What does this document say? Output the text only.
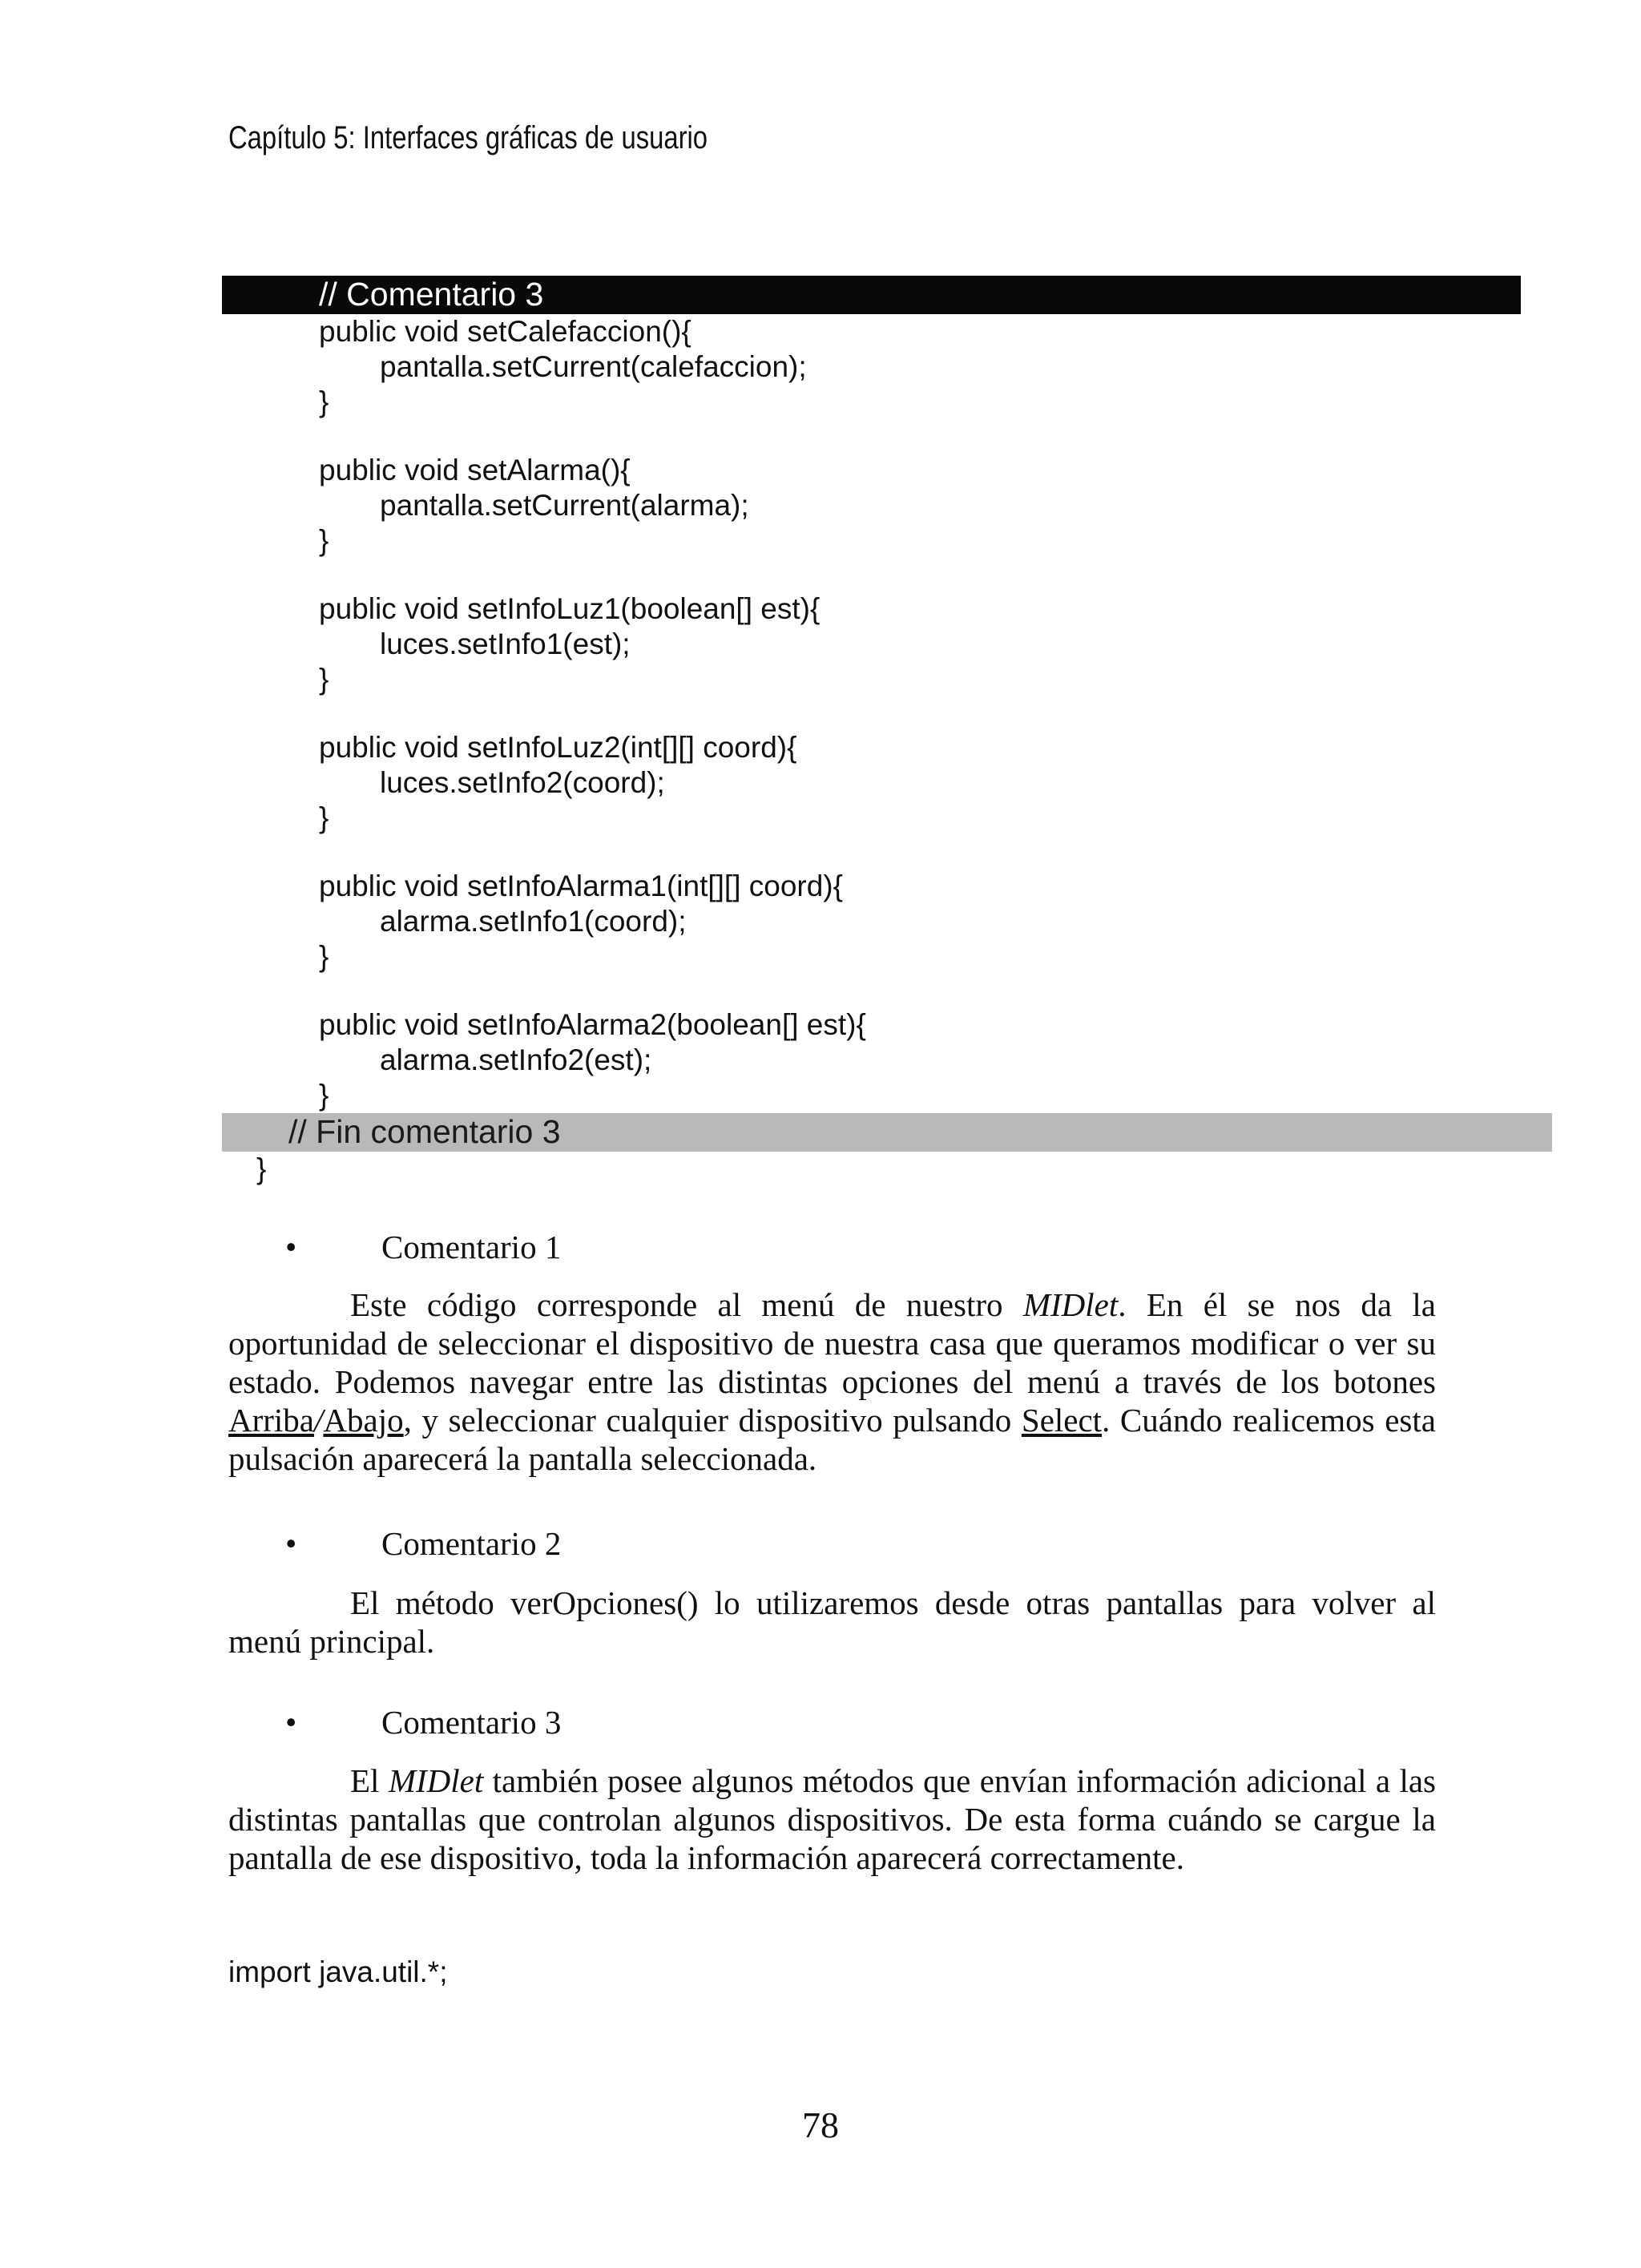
Capítulo 5: Interfaces gráficas de usuario
// Comentario 3
public void setCalefaccion(){
pantalla.setCurrent(calefaccion);
}
public void setAlarma(){
pantalla.setCurrent(alarma);
}
public void setInfoLuz1(boolean[] est){
luces.setInfo1(est);
}
public void setInfoLuz2(int[][] coord){
luces.setInfo2(coord);
}
public void setInfoAlarma1(int[][] coord){
alarma.setInfo1(coord);
}
public void setInfoAlarma2(boolean[] est){
alarma.setInfo2(est);
}
// Fin comentario 3
}
•	Comentario 1
Este código corresponde al menú de nuestro MIDlet. En él se nos da la oportunidad de seleccionar el dispositivo de nuestra casa que queramos modificar o ver su estado. Podemos navegar entre las distintas opciones del menú a través de los botones Arriba/Abajo, y seleccionar cualquier dispositivo pulsando Select. Cuándo realicemos esta pulsación aparecerá la pantalla seleccionada.
•	Comentario 2
El método verOpciones() lo utilizaremos desde otras pantallas para volver al menú principal.
•	Comentario 3
El MIDlet también posee algunos métodos que envían información adicional a las distintas pantallas que controlan algunos dispositivos. De esta forma cuándo se cargue la pantalla de ese dispositivo, toda la información aparecerá correctamente.
import java.util.*;
78
